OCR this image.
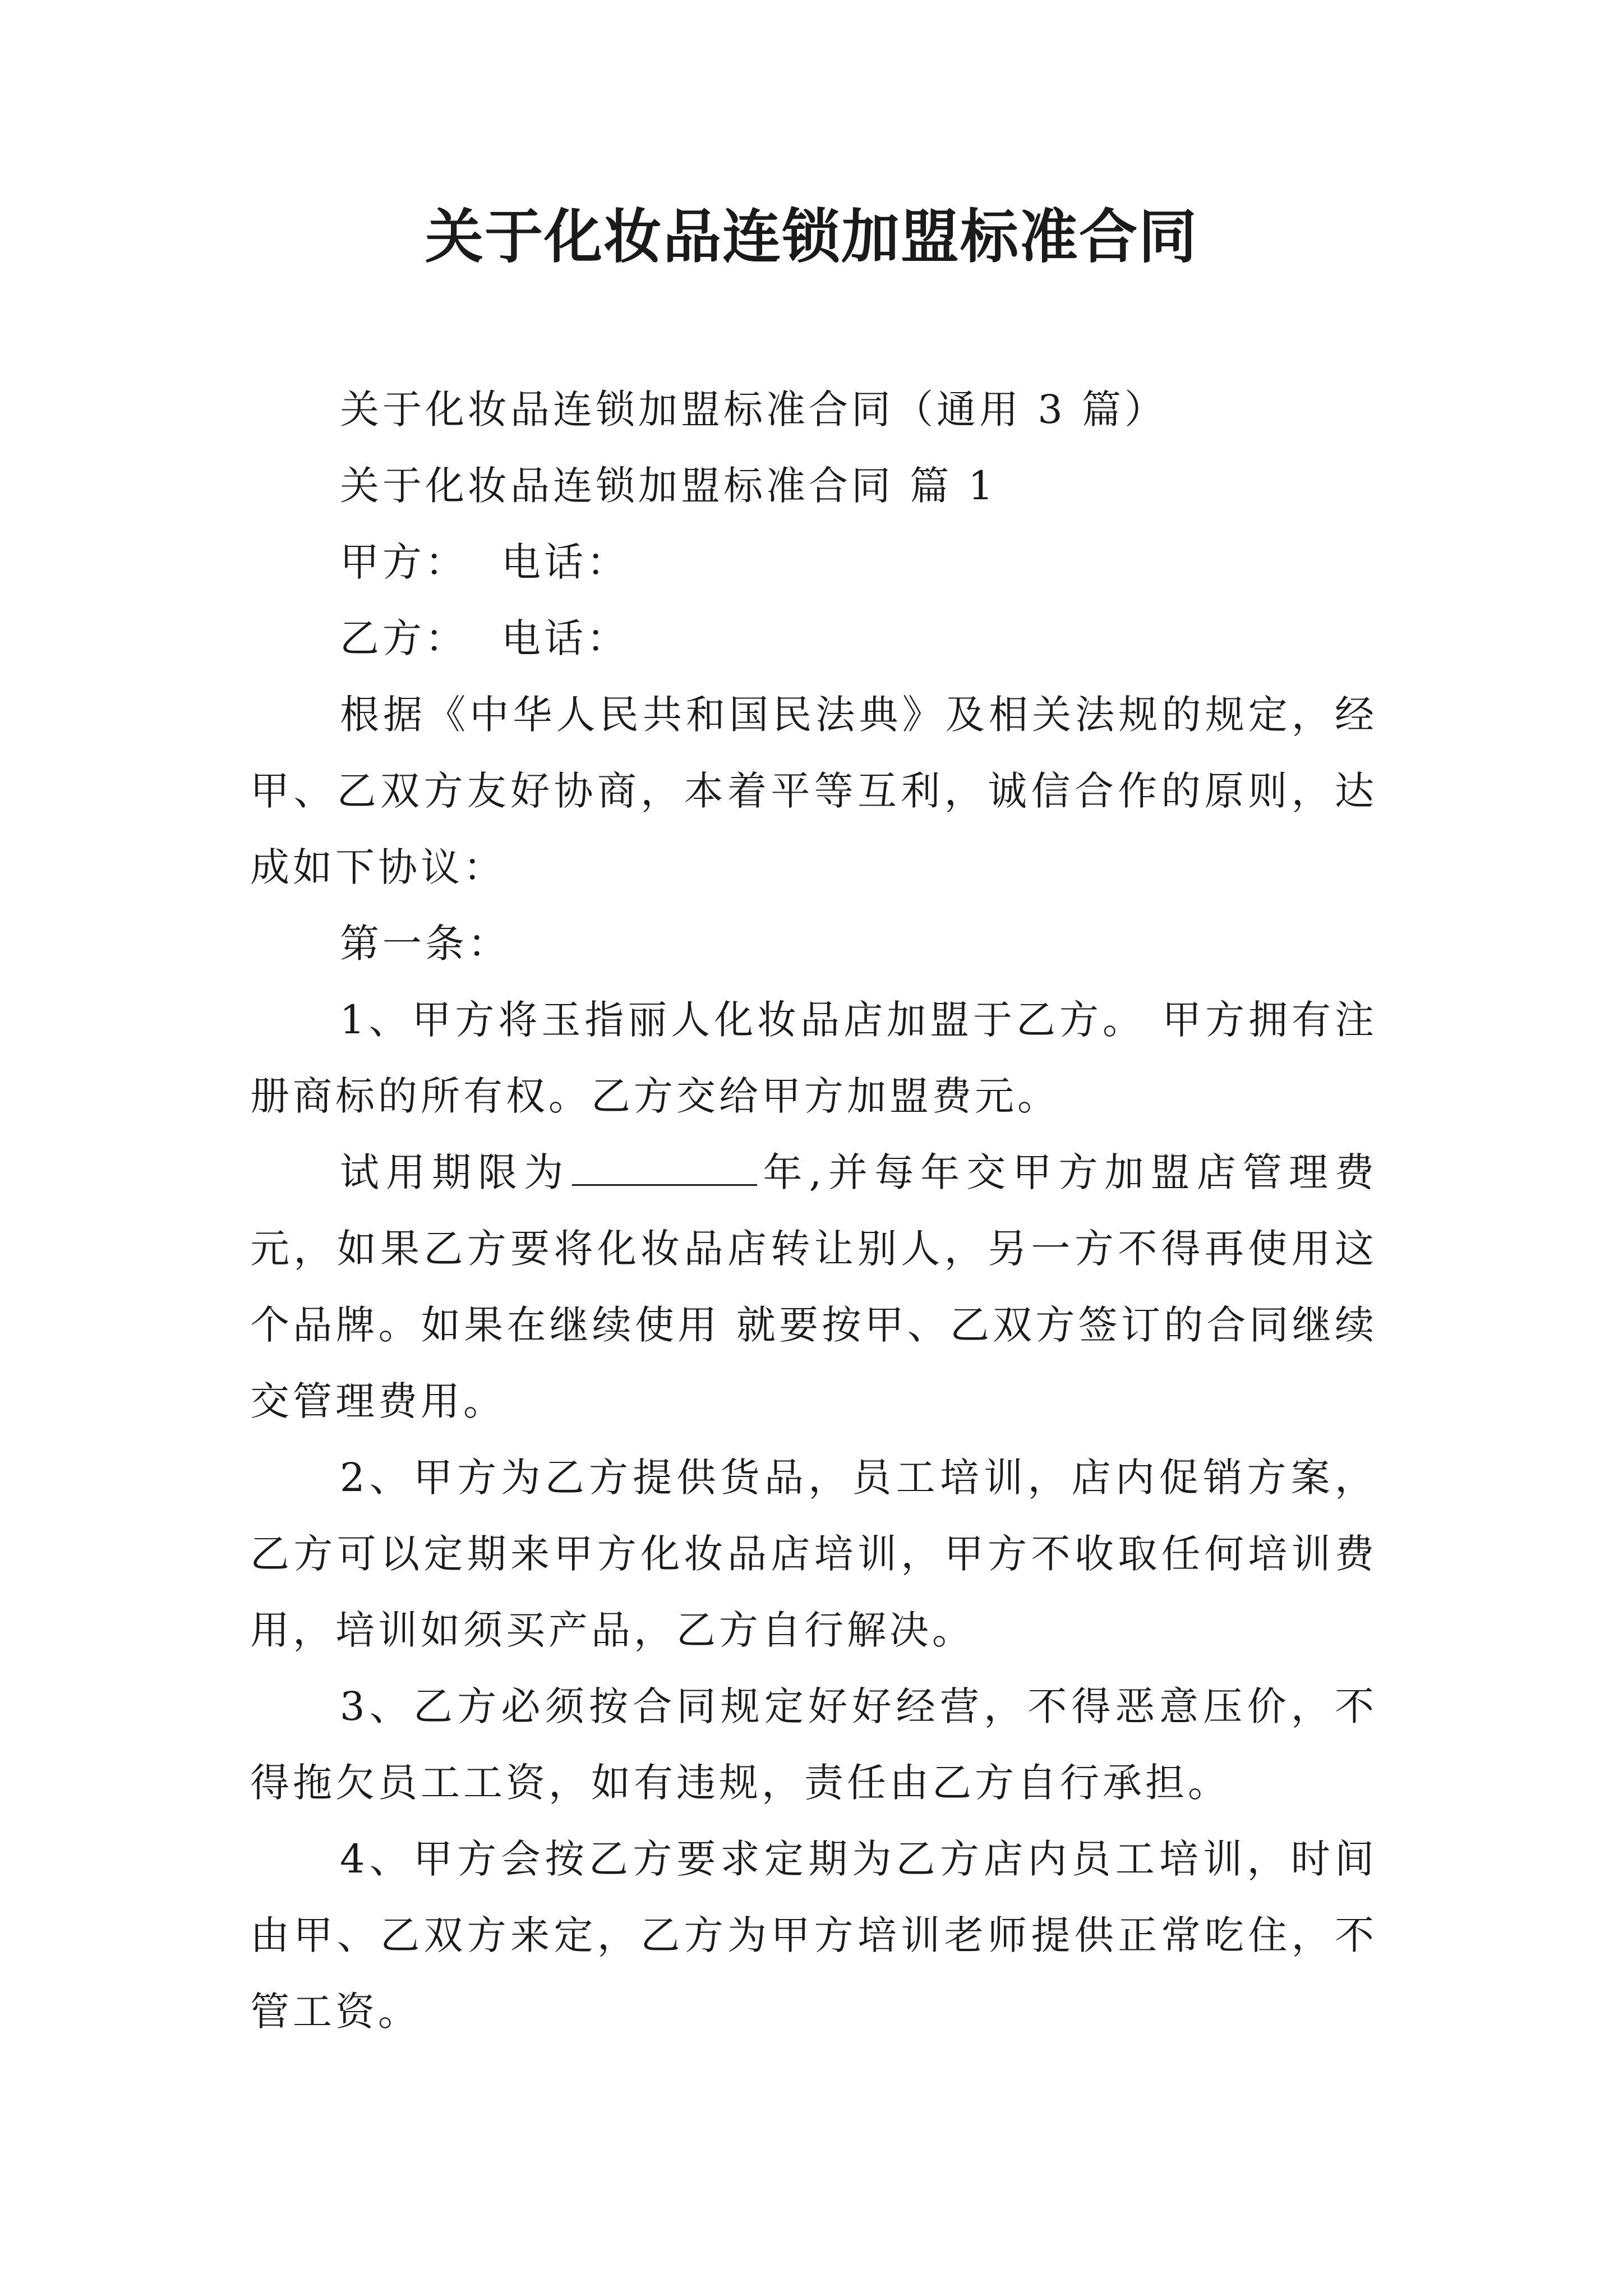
关于化妆品连锁加盟标准合同

关于化妆品连锁加盟标准合同（通用 3 篇）

关于化妆品连锁加盟标准合同 篇 1

甲方： 电话：

乙方： 电话：

根据《中华人民共和国民法典》及相关法规的规定，经甲、乙双方友好协商，本着平等互利，诚信合作的原则，达成如下协议：

第一条：

1、甲方将玉指丽人化妆品店加盟于乙方。 甲方拥有注册商标的所有权。乙方交给甲方加盟费元。

试用期限为	年,并每年交甲方加盟店管理费元，如果乙方要将化妆品店转让别人，另一方不得再使用这个品牌。如果在继续使用 就要按甲、乙双方签订的合同继续交管理费用。

2、甲方为乙方提供货品，员工培训，店内促销方案，乙方可以定期来甲方化妆品店培训，甲方不收取任何培训费用，培训如须买产品，乙方自行解决。

3、乙方必须按合同规定好好经营，不得恶意压价，不得拖欠员工工资，如有违规，责任由乙方自行承担。

4、甲方会按乙方要求定期为乙方店内员工培训，时间由甲、乙双方来定，乙方为甲方培训老师提供正常吃住，不管工资。
